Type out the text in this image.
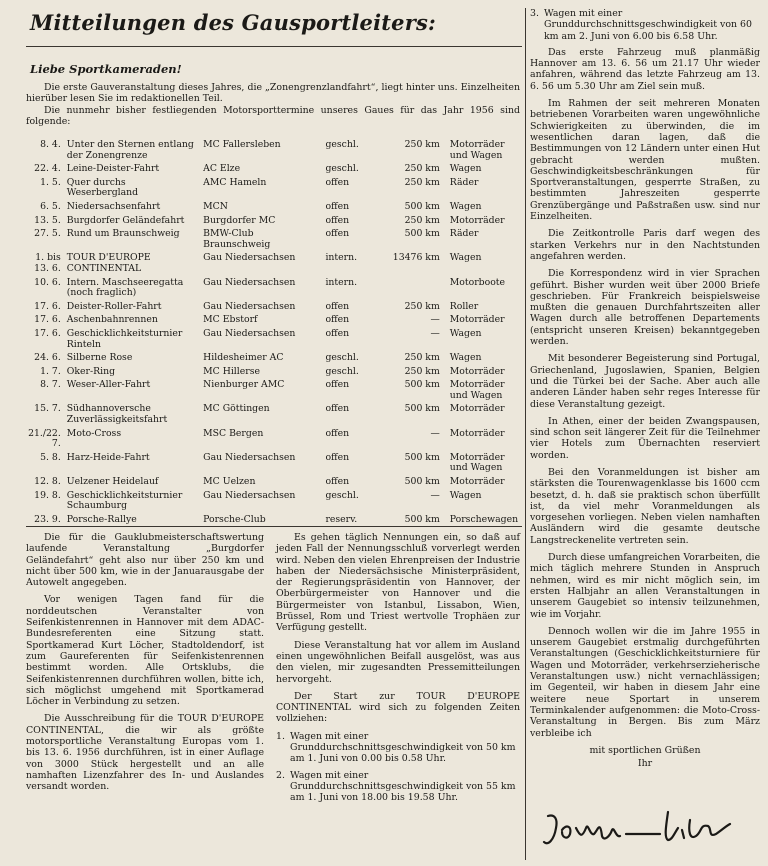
Mitteilungen des Gausportleiters:
Liebe Sportkameraden!

Die erste Gauveranstaltung dieses Jahres, die „Zonengrenzlandfahrt“, liegt hinter uns. Einzelheiten hierüber lesen Sie im redaktionellen Teil.

Die nunmehr bisher festliegenden Motorsporttermine unseres Gaues für das Jahr 1956 sind folgende:

8. 4.	Unter den Sternen entlang der Zonengrenze	MC Fallersleben	geschl.	250 km	Motorräder und Wagen
22. 4.	Leine-Deister-Fahrt	AC Elze	geschl.	250 km	Wagen
1. 5.	Quer durchs Weserbergland	AMC Hameln	offen	250 km	Räder
6. 5.	Niedersachsenfahrt	MCN	offen	500 km	Wagen
13. 5.	Burgdorfer Geländefahrt	Burgdorfer MC	offen	250 km	Motorräder
27. 5.	Rund um Braunschweig	BMW-Club Braunschweig	offen	500 km	Räder
1. bis 13. 6.	TOUR D'EUROPE CONTINENTAL	Gau Niedersachsen	intern.	13476 km	Wagen
10. 6.	Intern. Maschseeregatta (noch fraglich)	Gau Niedersachsen	intern.		Motorboote
17. 6.	Deister-Roller-Fahrt	Gau Niedersachsen	offen	250 km	Roller
17. 6.	Aschenbahnrennen	MC Ebstorf	offen	—	Motorräder
17. 6.	Geschicklichkeitsturnier Rinteln	Gau Niedersachsen	offen	—	Wagen
24. 6.	Silberne Rose	Hildesheimer AC	geschl.	250 km	Wagen
1. 7.	Oker-Ring	MC Hillerse	geschl.	250 km	Motorräder
8. 7.	Weser-Aller-Fahrt	Nienburger AMC	offen	500 km	Motorräder und Wagen
15. 7.	Südhannoversche Zuverlässigkeitsfahrt	MC Göttingen	offen	500 km	Motorräder
21./22. 7.	Moto-Cross	MSC Bergen	offen	—	Motorräder
5. 8.	Harz-Heide-Fahrt	Gau Niedersachsen	offen	500 km	Motorräder und Wagen
12. 8.	Uelzener Heidelauf	MC Uelzen	offen	500 km	Motorräder
19. 8.	Geschicklichkeitsturnier Schaumburg	Gau Niedersachsen	geschl.	—	Wagen
23. 9.	Porsche-Rallye	Porsche-Club	reserv.	500 km	Porschewagen

Die für die Gauklubmeisterschaftswertung laufende Veranstaltung „Burgdorfer Geländefahrt“ geht also nur über 250 km und nicht über 500 km, wie in der Januarausgabe der Autowelt angegeben.

Vor wenigen Tagen fand für die norddeutschen Veranstalter von Seifenkistenrennen in Hannover mit dem ADAC-Bundesreferenten eine Sitzung statt. Sportkamerad Kurt Löcher, Stadtoldendorf, ist zum Gaureferenten für Seifenkistenrennen bestimmt worden. Alle Ortsklubs, die Seifenkistenrennen durchführen wollen, bitte ich, sich möglichst umgehend mit Sportkamerad Löcher in Verbindung zu setzen.

Die Ausschreibung für die TOUR D'EUROPE CONTINENTAL, die wir als größte motorsportliche Veranstaltung Europas vom 1. bis 13. 6. 1956 durchführen, ist in einer Auflage von 3000 Stück hergestellt und an alle namhaften Lizenzfahrer des In- und Auslandes versandt worden.

Es gehen täglich Nennungen ein, so daß auf jeden Fall der Nennungsschluß vorverlegt werden wird. Neben den vielen Ehrenpreisen der Industrie haben der Niedersächsische Ministerpräsident, der Regierungspräsidentin von Hannover, der Oberbürgermeister von Hannover und die Bürgermeister von Istanbul, Lissabon, Wien, Brüssel, Rom und Triest wertvolle Trophäen zur Verfügung gestellt.

Diese Veranstaltung hat vor allem im Ausland einen ungewöhnlichen Beifall ausgelöst, was aus den vielen, mir zugesandten Pressemitteilungen hervorgeht.

Der Start zur TOUR D'EUROPE CONTINENTAL wird sich zu folgenden Zeiten vollziehen:

1. Wagen mit einer Grunddurchschnittsgeschwindigkeit von 50 km am 1. Juni von 0.00 bis 0.58 Uhr.
2. Wagen mit einer Grunddurchschnittsgeschwindigkeit von 55 km am 1. Juni von 18.00 bis 19.58 Uhr.
3. Wagen mit einer Grunddurchschnittsgeschwindigkeit von 60 km am 2. Juni von 6.00 bis 6.58 Uhr.

Das erste Fahrzeug muß planmäßig Hannover am 13. 6. 56 um 21.17 Uhr wieder anfahren, während das letzte Fahrzeug am 13. 6. 56 um 5.30 Uhr am Ziel sein muß.

Im Rahmen der seit mehreren Monaten betriebenen Vorarbeiten waren ungewöhnliche Schwierigkeiten zu überwinden, die im wesentlichen daran lagen, daß die Bestimmungen von 12 Ländern unter einen Hut gebracht werden mußten. Geschwindigkeitsbeschränkungen für Sportveranstaltungen, gesperrte Straßen, zu bestimmten Jahreszeiten gesperrte Grenzübergänge und Paßstraßen usw. sind nur Einzelheiten.

Die Zeitkontrolle Paris darf wegen des starken Verkehrs nur in den Nachtstunden angefahren werden.

Die Korrespondenz wird in vier Sprachen geführt. Bisher wurden weit über 2000 Briefe geschrieben. Für Frankreich beispielsweise mußten die genauen Durchfahrtszeiten aller Wagen durch alle betroffenen Departements (entspricht unseren Kreisen) bekanntgegeben werden.

Mit besonderer Begeisterung sind Portugal, Griechenland, Jugoslawien, Spanien, Belgien und die Türkei bei der Sache. Aber auch alle anderen Länder haben sehr reges Interesse für diese Veranstaltung gezeigt.

In Athen, einer der beiden Zwangspausen, sind schon seit längerer Zeit für die Teilnehmer vier Hotels zum Übernachten reserviert worden.

Bei den Voranmeldungen ist bisher am stärksten die Tourenwagenklasse bis 1600 ccm besetzt, d. h. daß sie praktisch schon überfüllt ist, da viel mehr Voranmeldungen als vorgesehen vorliegen. Neben vielen namhaften Ausländern wird die gesamte deutsche Langstreckenelite vertreten sein.

Durch diese umfangreichen Vorarbeiten, die mich täglich mehrere Stunden in Anspruch nehmen, wird es mir nicht möglich sein, im ersten Halbjahr an allen Veranstaltungen in unserem Gaugebiet so intensiv teilzunehmen, wie im Vorjahr.

Dennoch wollen wir die im Jahre 1955 in unserem Gaugebiet erstmalig durchgeführten Veranstaltungen (Geschicklichkeitsturniere für Wagen und Motorräder, verkehrserzieherische Veranstaltungen usw.) nicht vernachlässigen; im Gegenteil, wir haben in diesem Jahr eine weitere neue Sportart in unserem Terminkalender aufgenommen: die Moto-Cross-Veranstaltung in Bergen. Bis zum März verbleibe ich

mit sportlichen Grüßen
Ihr
